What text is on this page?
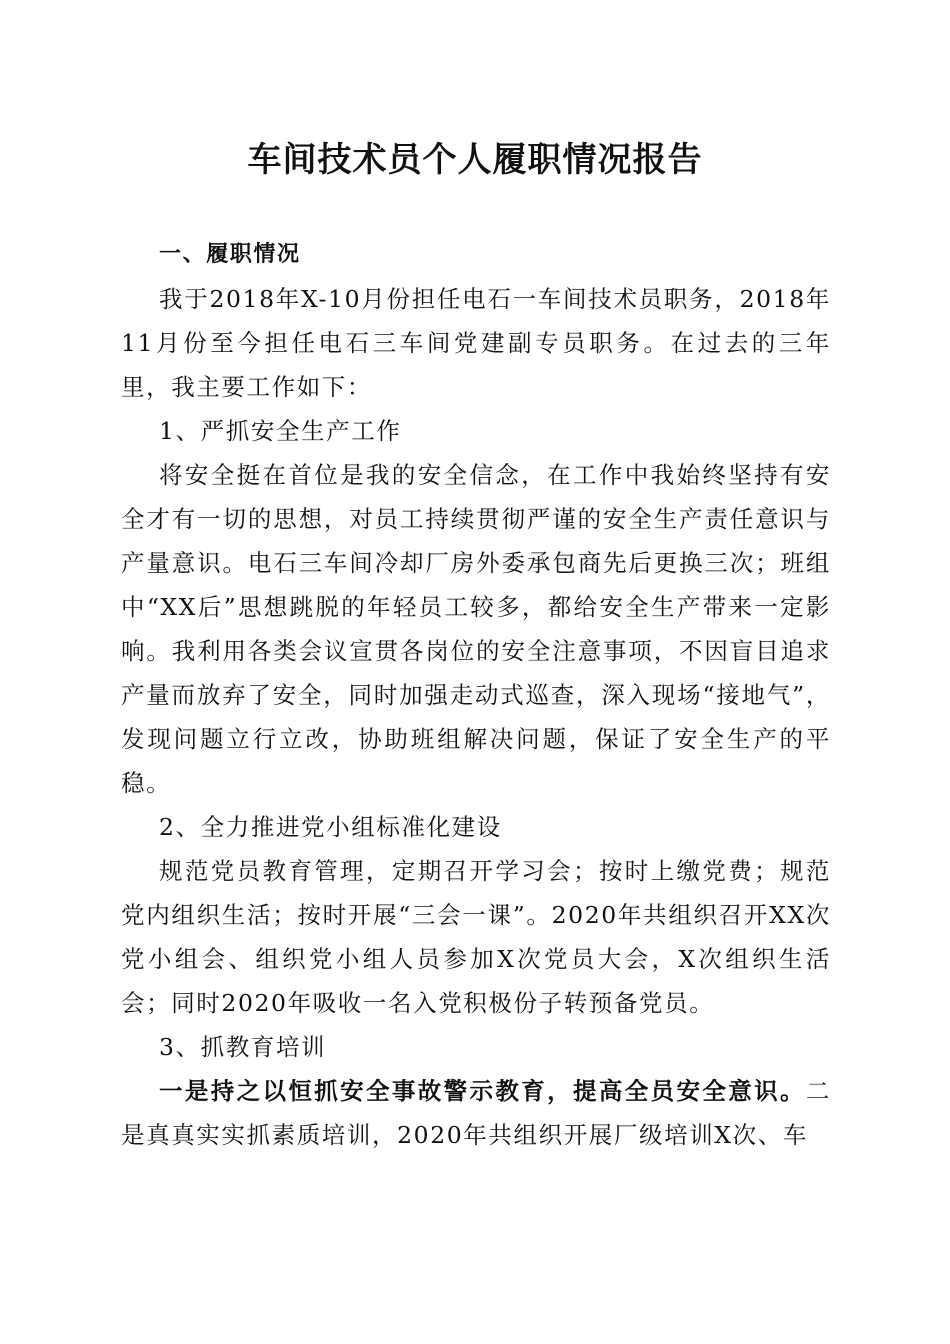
车间技术员个人履职情况报告

一、履职情况

我于2018年X-10月份担任电石一车间技术员职务，2018年11月份至今担任电石三车间党建副专员职务。在过去的三年里，我主要工作如下：

1、严抓安全生产工作

将安全挺在首位是我的安全信念，在工作中我始终坚持有安全才有一切的思想，对员工持续贯彻严谨的安全生产责任意识与产量意识。电石三车间冷却厂房外委承包商先后更换三次；班组中“XX后”思想跳脱的年轻员工较多，都给安全生产带来一定影响。我利用各类会议宣贯各岗位的安全注意事项，不因盲目追求产量而放弃了安全，同时加强走动式巡查，深入现场“接地气”，发现问题立行立改，协助班组解决问题，保证了安全生产的平稳。

2、全力推进党小组标准化建设

规范党员教育管理，定期召开学习会；按时上缴党费；规范党内组织生活；按时开展“三会一课”。2020年共组织召开XX次党小组会、组织党小组人员参加X次党员大会，X次组织生活会；同时2020年吸收一名入党积极份子转预备党员。

3、抓教育培训

一是持之以恒抓安全事故警示教育，提高全员安全意识。二是真真实实抓素质培训，2020年共组织开展厂级培训X次、车
